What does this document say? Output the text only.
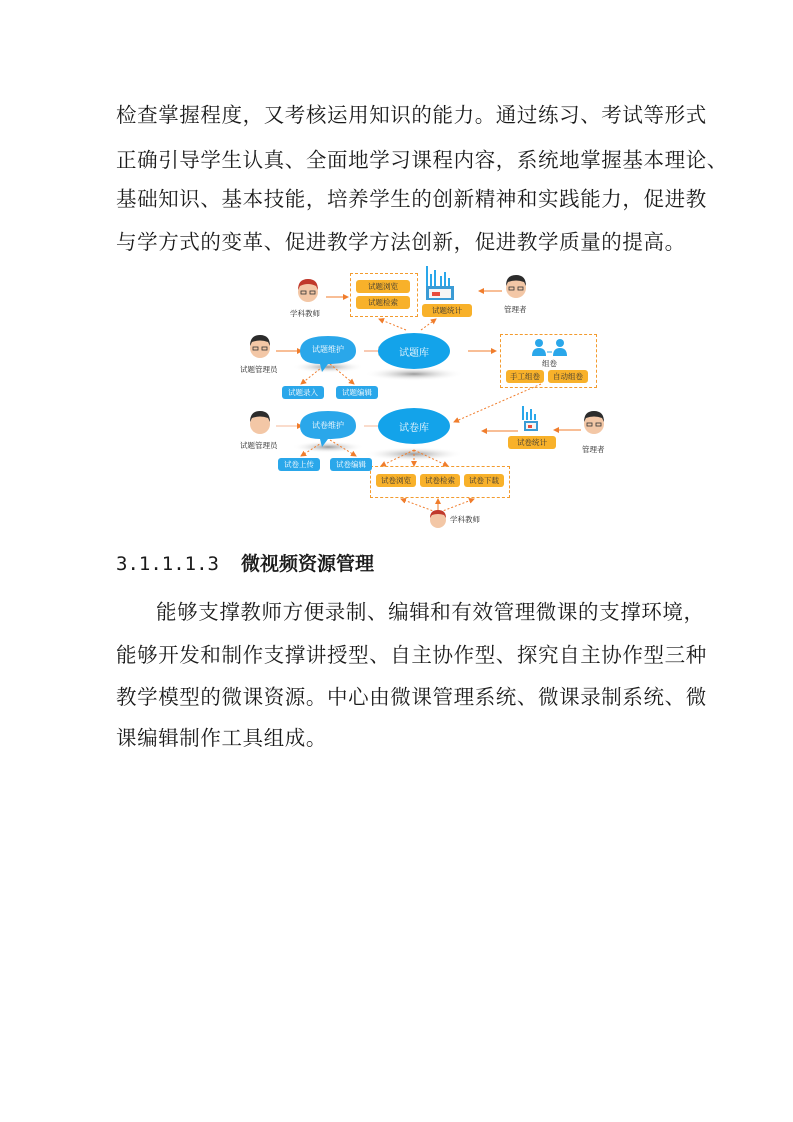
检查掌握程度，又考核运用知识的能力。通过练习、考试等形式
正确引导学生认真、全面地学习课程内容，系统地掌握基本理论、
基础知识、基本技能，培养学生的创新精神和实践能力，促进教
与学方式的变革、促进教学方法创新，促进教学质量的提高。
试题维护	试题库
试卷维护	试卷库
学科教师
试题管理员
管理者
试题管理员	管理者
学科教师
组卷
试题浏览
试题检索
试题统计
手工组卷	自动组卷
试卷统计
试卷浏览	试卷检索	试卷下载
试题录入	试题编辑
试卷上传	试卷编辑
3.1.1.1.3 微视频资源管理
能够支撑教师方便录制、编辑和有效管理微课的支撑环境，
能够开发和制作支撑讲授型、自主协作型、探究自主协作型三种
教学模型的微课资源。中心由微课管理系统、微课录制系统、微
课编辑制作工具组成。
